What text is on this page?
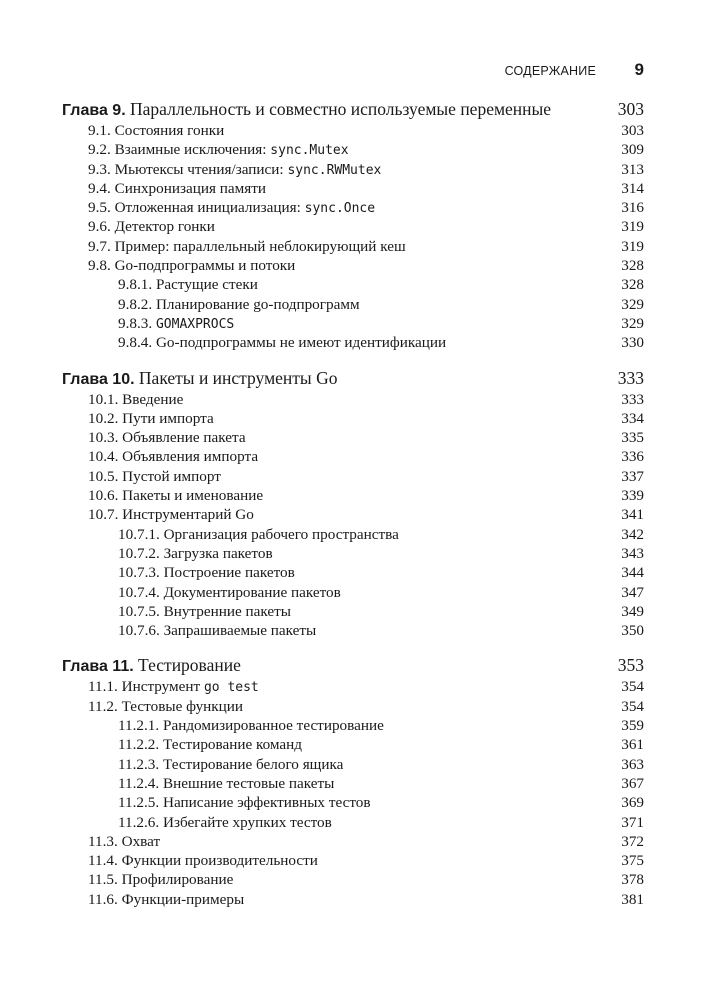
СОДЕРЖАНИЕ 9
Глава 9. Параллельность и совместно используемые переменные	303
9.1. Состояния гонки	303
9.2. Взаимные исключения: sync.Mutex	309
9.3. Мьютексы чтения/записи: sync.RWMutex	313
9.4. Синхронизация памяти	314
9.5. Отложенная инициализация: sync.Once	316
9.6. Детектор гонки	319
9.7. Пример: параллельный неблокирующий кеш	319
9.8. Go-подпрограммы и потоки	328
9.8.1. Растущие стеки	328
9.8.2. Планирование go-подпрограмм	329
9.8.3. GOMAXPROCS	329
9.8.4. Go-подпрограммы не имеют идентификации	330
Глава 10. Пакеты и инструменты Go	333
10.1. Введение	333
10.2. Пути импорта	334
10.3. Объявление пакета	335
10.4. Объявления импорта	336
10.5. Пустой импорт	337
10.6. Пакеты и именование	339
10.7. Инструментарий Go	341
10.7.1. Организация рабочего пространства	342
10.7.2. Загрузка пакетов	343
10.7.3. Построение пакетов	344
10.7.4. Документирование пакетов	347
10.7.5. Внутренние пакеты	349
10.7.6. Запрашиваемые пакеты	350
Глава 11. Тестирование	353
11.1. Инструмент go test	354
11.2. Тестовые функции	354
11.2.1. Рандомизированное тестирование	359
11.2.2. Тестирование команд	361
11.2.3. Тестирование белого ящика	363
11.2.4. Внешние тестовые пакеты	367
11.2.5. Написание эффективных тестов	369
11.2.6. Избегайте хрупких тестов	371
11.3. Охват	372
11.4. Функции производительности	375
11.5. Профилирование	378
11.6. Функции-примеры	381
